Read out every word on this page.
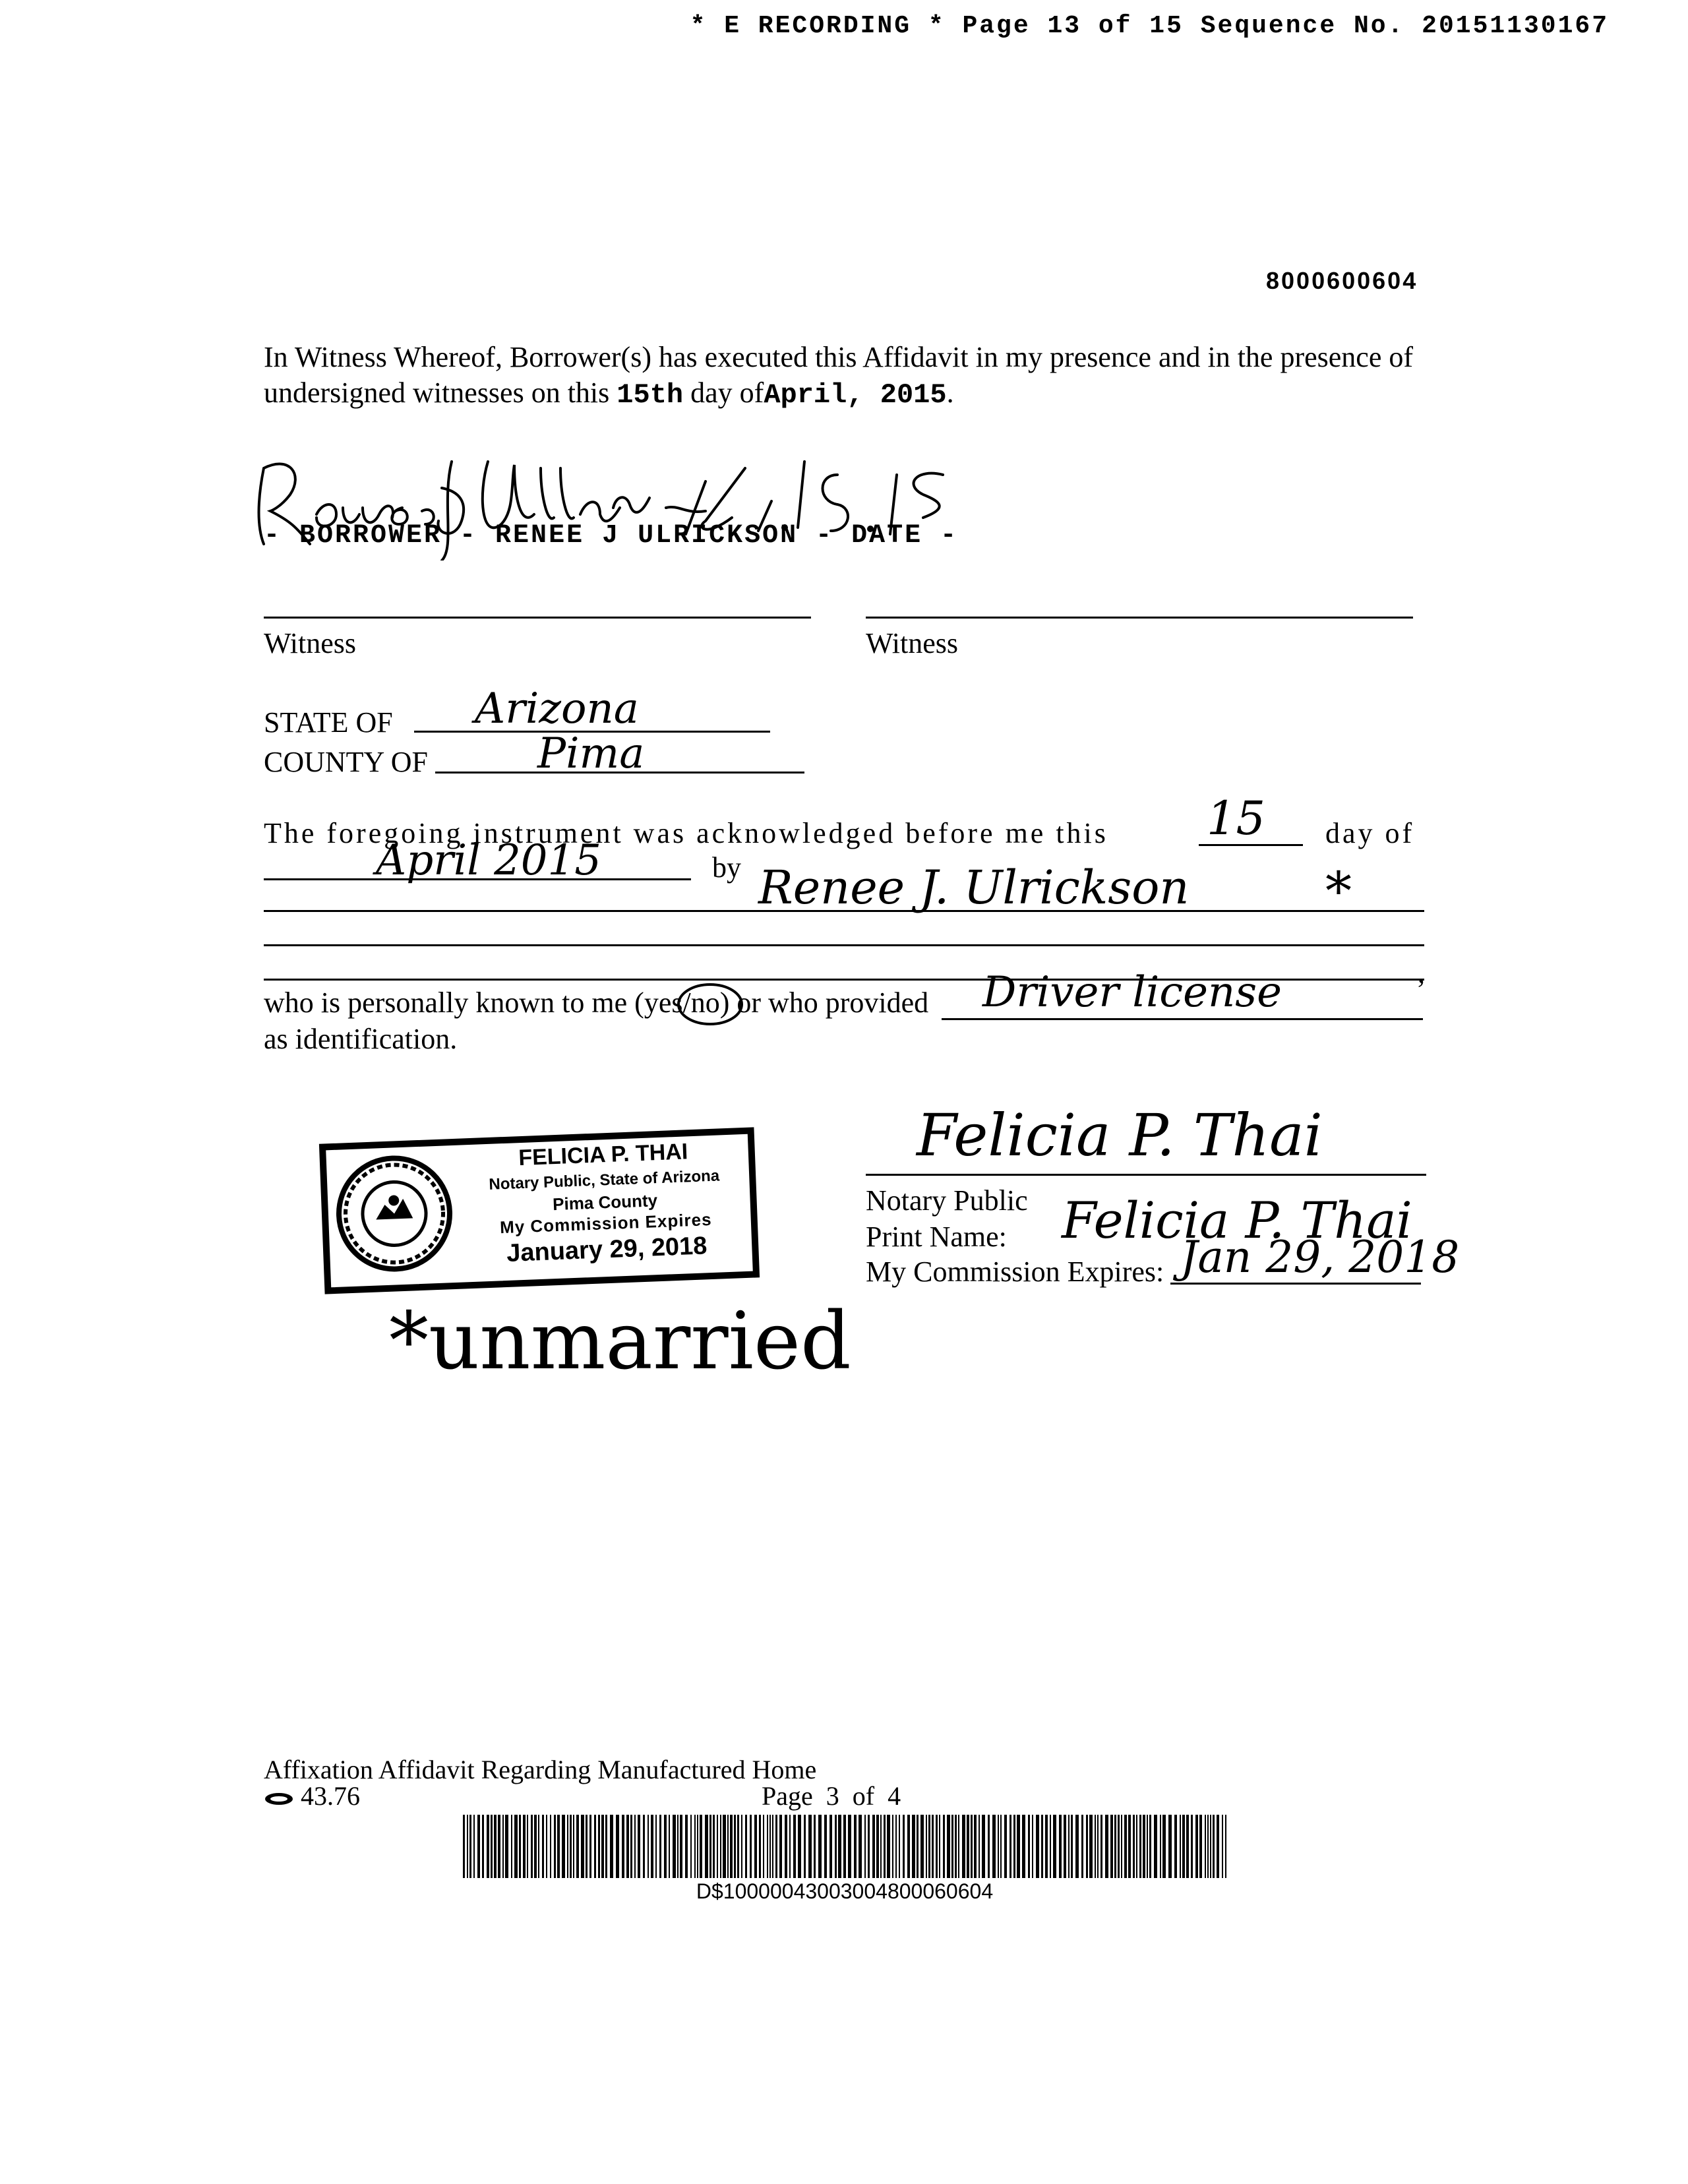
* E RECORDING * Page 13 of 15 Sequence No. 20151130167
8000600604
In Witness Whereof, Borrower(s) has executed this Affidavit in my presence and in the presence of
undersigned witnesses on this 15th day ofApril, 2015.
- BORROWER - RENEE J ULRICKSON - DATE -
Witness	Witness
STATE OF Arizona
COUNTY OF	Pima
The foregoing instrument was acknowledged before me this 15 day of
April 2015	by Renee J. Ulrickson	*
,
who is personally known to me (yes/no) or who provided Driver license
as identification.
FELICIA P. THAI
Notary Public, State of Arizona
Pima County
My Commission Expires
January 29, 2018
Felicia P. Thai
Notary Public
Print Name: Felicia P. Thai
My Commission Expires: Jan 29, 2018
*unmarried
Affixation Affidavit Regarding Manufactured Home
43.76	Page 3 of 4
D$10000043003004800060604
